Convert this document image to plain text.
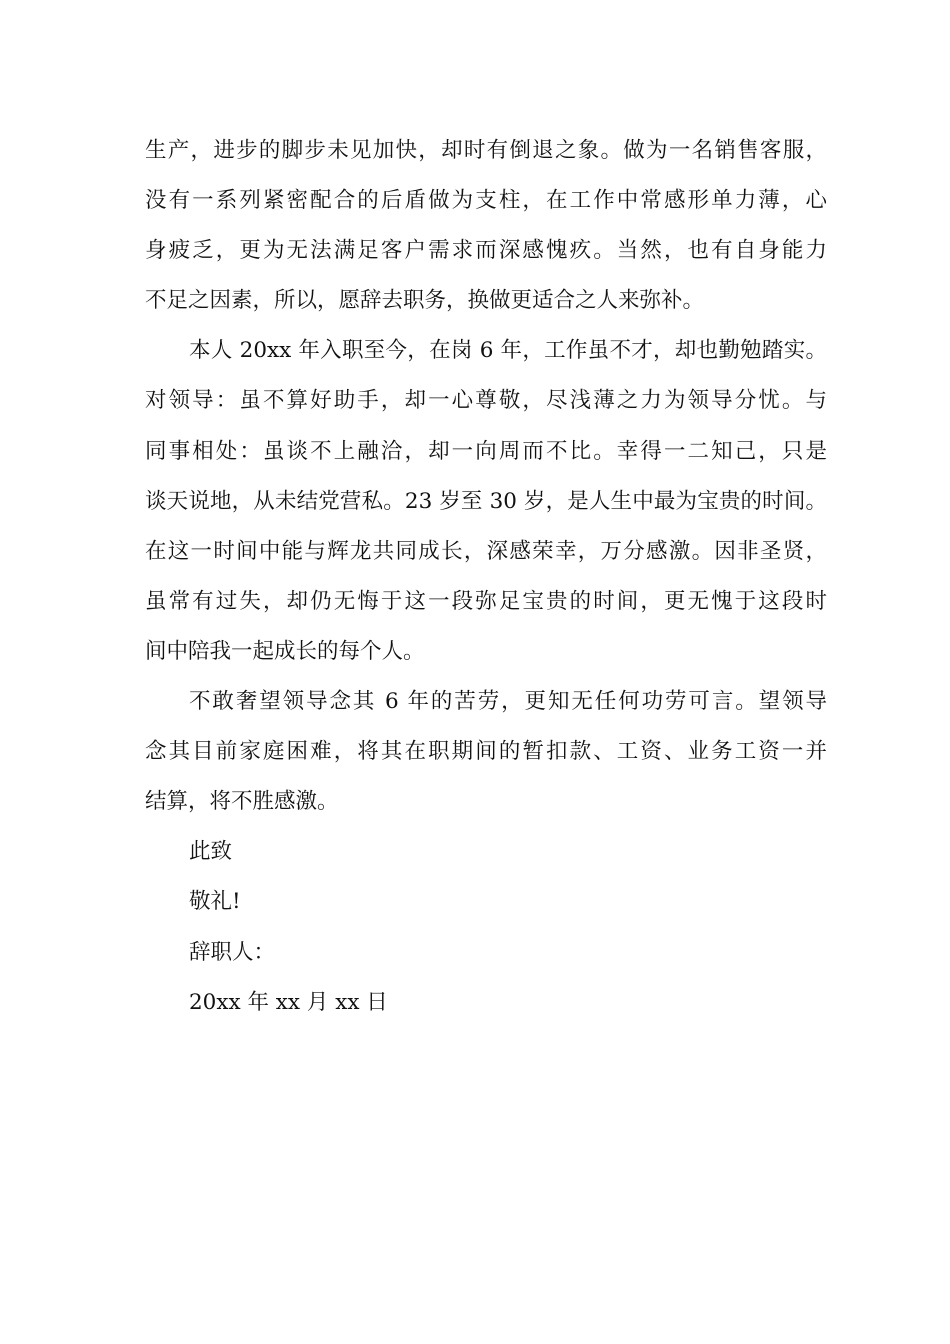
生产，进步的脚步未见加快，却时有倒退之象。做为一名销售客服，
没有一系列紧密配合的后盾做为支柱，在工作中常感形单力薄，心
身疲乏，更为无法满足客户需求而深感愧疚。当然，也有自身能力
不足之因素，所以，愿辞去职务，换做更适合之人来弥补。
本人 20xx 年入职至今，在岗 6 年，工作虽不才，却也勤勉踏实。
对领导：虽不算好助手，却一心尊敬，尽浅薄之力为领导分忧。与
同事相处：虽谈不上融洽，却一向周而不比。幸得一二知己，只是
谈天说地，从未结党营私。23 岁至 30 岁，是人生中最为宝贵的时间。
在这一时间中能与辉龙共同成长，深感荣幸，万分感激。因非圣贤，
虽常有过失，却仍无悔于这一段弥足宝贵的时间，更无愧于这段时
间中陪我一起成长的每个人。
不敢奢望领导念其 6 年的苦劳，更知无任何功劳可言。望领导
念其目前家庭困难，将其在职期间的暂扣款、工资、业务工资一并
结算，将不胜感激。
此致
敬礼!
辞职人：
20xx 年 xx 月 xx 日
